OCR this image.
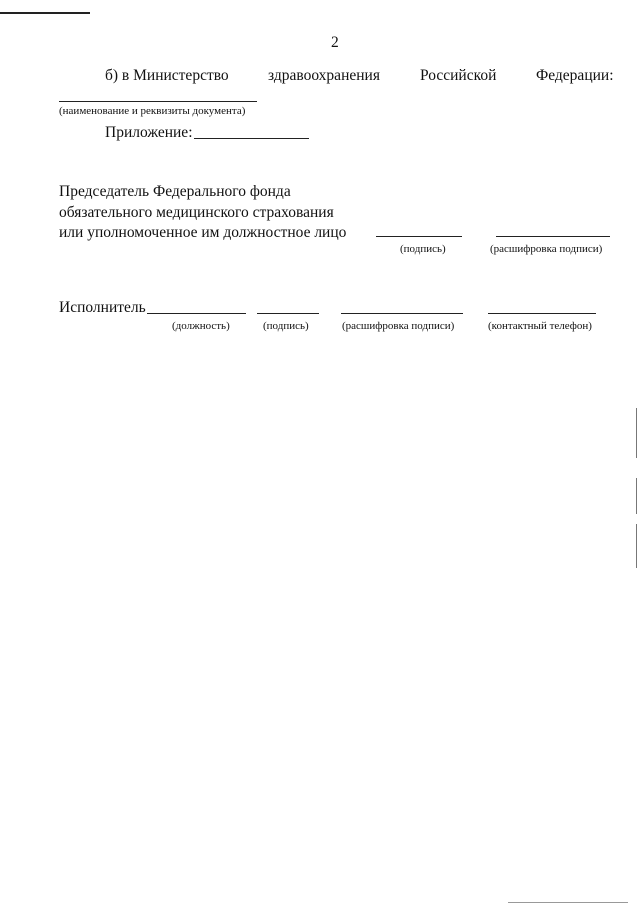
2
б) в Министерство	здравоохранения	Российской	Федерации:
(наименование и реквизиты документа)
Приложение:
Председатель Федерального фонда
обязательного медицинского страхования
или уполномоченное им должностное лицо
(подпись)	(расшифровка подписи)
Исполнитель
(должность)	(подпись)	(расшифровка подписи)	(контактный телефон)
